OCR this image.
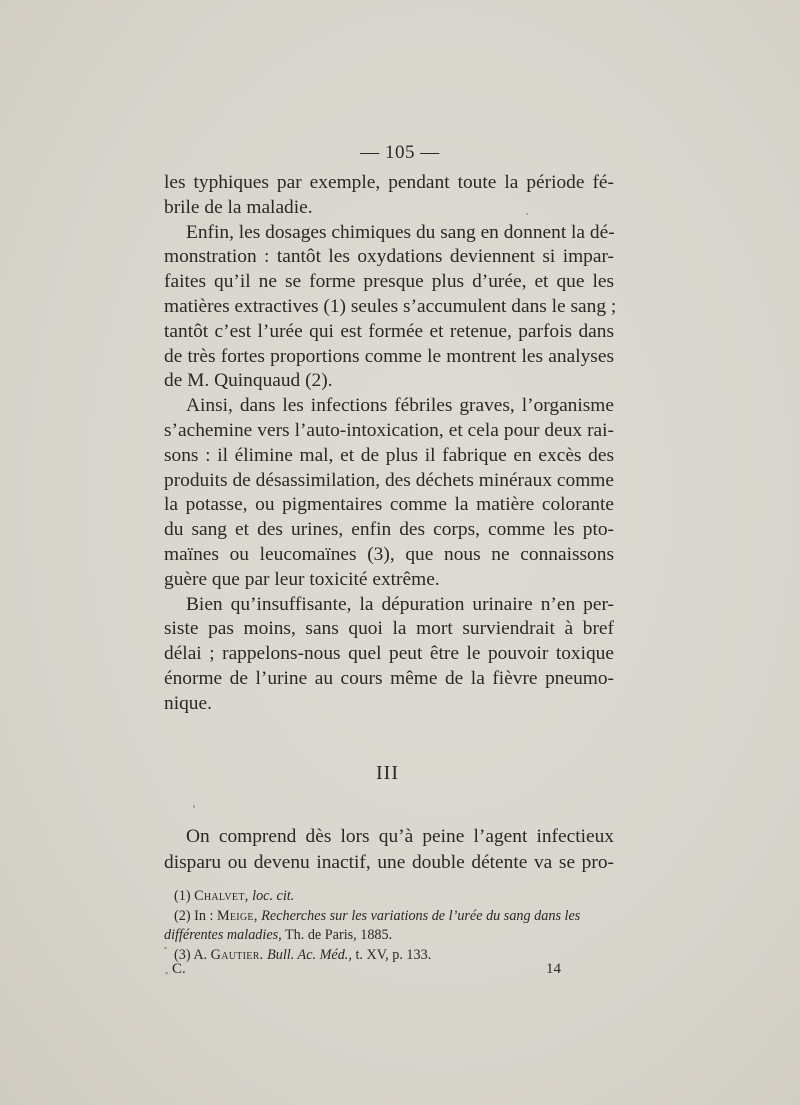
— 105 —
les typhiques par exemple, pendant toute la période fé-
brile de la maladie.
Enfin, les dosages chimiques du sang en donnent la dé-
monstration : tantôt les oxydations deviennent si impar-
faites qu’il ne se forme presque plus d’urée, et que les
matières extractives (1) seules s’accumulent dans le sang ;
tantôt c’est l’urée qui est formée et retenue, parfois dans
de très fortes proportions comme le montrent les analyses
de M. Quinquaud (2).
Ainsi, dans les infections fébriles graves, l’organisme
s’achemine vers l’auto-intoxication, et cela pour deux rai-
sons : il élimine mal, et de plus il fabrique en excès des
produits de désassimilation, des déchets minéraux comme
la potasse, ou pigmentaires comme la matière colorante
du sang et des urines, enfin des corps, comme les pto-
maïnes ou leucomaïnes (3), que nous ne connaissons
guère que par leur toxicité extrême.
Bien qu’insuffisante, la dépuration urinaire n’en per-
siste pas moins, sans quoi la mort surviendrait à bref
délai ; rappelons-nous quel peut être le pouvoir toxique
énorme de l’urine au cours même de la fièvre pneumo-
nique.
III
On comprend dès lors qu’à peine l’agent infectieux
disparu ou devenu inactif, une double détente va se pro-
(1) Chalvet, loc. cit.
(2) In : Meige, Recherches sur les variations de l’urée du sang dans les
différentes maladies, Th. de Paris, 1885.
(3) A. Gautier. Bull. Ac. Méd., t. XV, p. 133.
C.	14
